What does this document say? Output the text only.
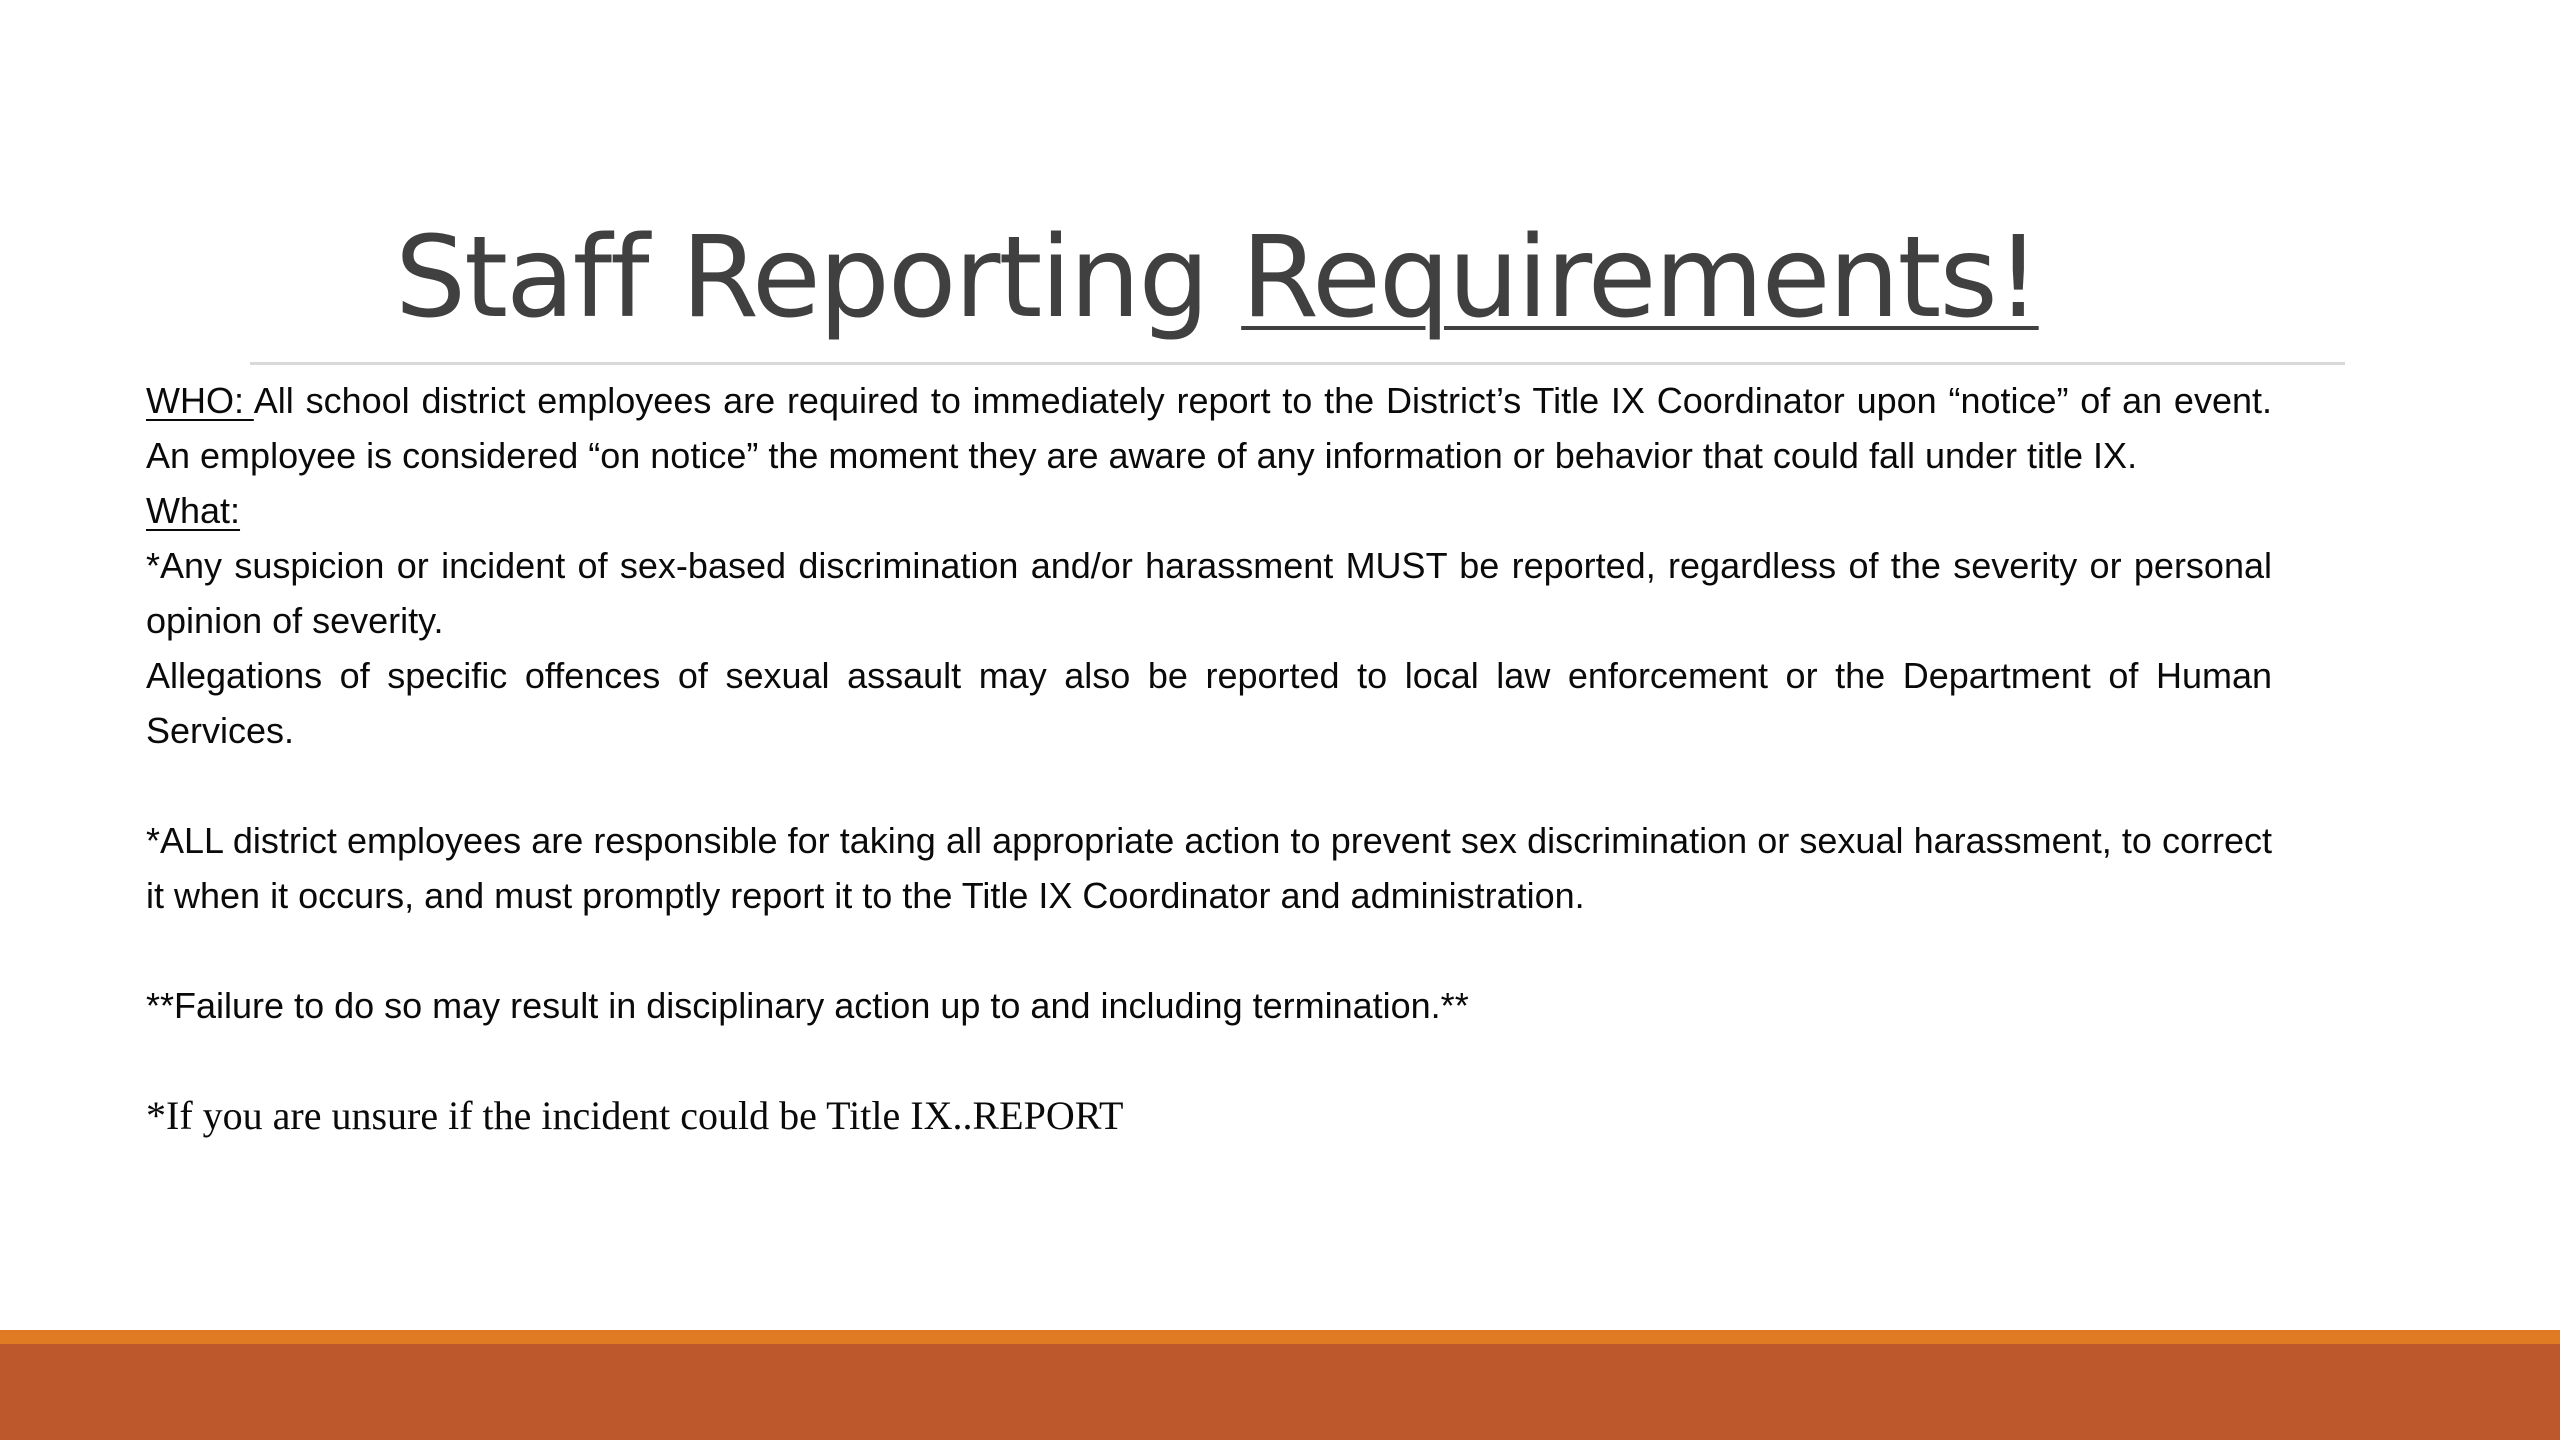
Staff Reporting Requirements!

WHO: All school district employees are required to immediately report to the District’s Title IX Coordinator upon “notice” of an event. An employee is considered “on notice” the moment they are aware of any information or behavior that could fall under title IX.

What:

*Any suspicion or incident of sex-based discrimination and/or harassment MUST be reported, regardless of the severity or personal opinion of severity.

Allegations of specific offences of sexual assault may also be reported to local law enforcement or the Department of Human Services.

*ALL district employees are responsible for taking all appropriate action to prevent sex discrimination or sexual harassment, to correct it when it occurs, and must promptly report it to the Title IX Coordinator and administration.

**Failure to do so may result in disciplinary action up to and including termination.**

*If you are unsure if the incident could be Title IX..REPORT
